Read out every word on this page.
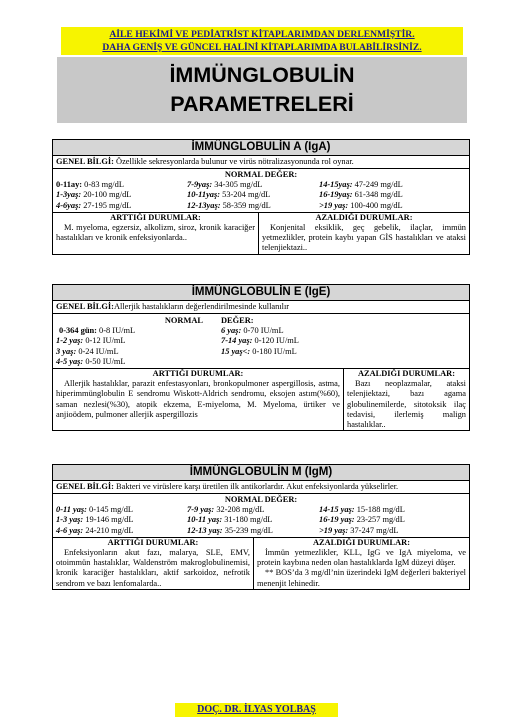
AİLE HEKİMİ VE PEDİATRİST KİTAPLARIMDAN DERLENMİŞTİR.
DAHA GENİŞ VE GÜNCEL HALİNİ KİTAPLARIMDA BULABİLİRSİNİZ.
İMMÜNGLOBULİN
PARAMETRELERİ
İMMÜNGLOBULİN A (IgA)
GENEL BİLGİ: Özellikle sekresyonlarda bulunur ve virüs nötralizasyonunda rol oynar.
NORMAL DEĞER:
0-11ay: 0-83 mg/dL	7-9yaş: 34-305 mg/dL	14-15yaş: 47-249 mg/dL
1-3yaş: 20-100 mg/dL	10-11yaş: 53-204 mg/dL	16-19yaş: 61-348 mg/dL
4-6yaş: 27-195 mg/dL	12-13yaş: 58-359 mg/dL	>19 yaş: 100-400 mg/dL
ARTTIĞI DURUMLAR:
M. myeloma, egzersiz, alkolizm, siroz, kronik karaciğer hastalıkları ve kronik enfeksiyonlarda..
AZALDIĞI DURUMLAR:
Konjenital eksiklik, geç gebelik, ilaçlar, immün yetmezlikler, protein kaybı yapan GİS hastalıkları ve ataksi telenjiektazi..
İMMÜNGLOBULİN E (IgE)
GENEL BİLGİ:Allerjik hastalıkların değerlendirilmesinde kullanılır
NORMAL
0-364 gün: 0-8 IU/mL
1-2 yaş: 0-12 IU/mL
3 yaş: 0-24 IU/mL
4-5 yaş: 0-50 IU/mL
DEĞER:
6 yaş: 0-70 IU/mL
7-14 yaş: 0-120 IU/mL
15 yaş<: 0-180 IU/mL
ARTTIĞI DURUMLAR:
Allerjik hastalıklar, parazit enfestasyonları, bronkopulmoner aspergillosis, astma, hiperimmünglobulin E sendromu Wiskott-Aldrich sendromu, eksojen astım(%60), saman nezlesi(%30), atopik ekzema, E-miyeloma, M. Myeloma, ürtiker ve anjioödem, pulmoner allerjik aspergillozis
AZALDIĞI DURUMLAR:
Bazı neoplazmalar, ataksi telenjiektazi, bazı agama globulinemilerde, sitotoksik ilaç tedavisi, ilerlemiş malign hastalıklar..
İMMÜNGLOBULİN M (IgM)
GENEL BİLGİ: Bakteri ve virüslere karşı üretilen ilk antikorlardır. Akut enfeksiyonlarda yükselirler.
NORMAL DEĞER:
0-11 yaş: 0-145 mg/dL	7-9 yaş: 32-208 mg/dL	14-15 yaş: 15-188 mg/dL
1-3 yaş: 19-146 mg/dL	10-11 yaş: 31-180 mg/dL	16-19 yaş: 23-257 mg/dL
4-6 yaş: 24-210 mg/dL	12-13 yaş: 35-239 mg/dL	>19 yaş: 37-247 mg/dL
ARTTIĞI DURUMLAR:
Enfeksiyonların akut fazı, malarya, SLE, EMV, otoimmün hastalıklar, Waldenström makroglobulinemisi, kronik karaciğer hastalıkları, aktif sarkoidoz, nefrotik sendrom ve bazı lenfomalarda..
AZALDIĞI DURUMLAR:
İmmün yetmezlikler, KLL, IgG ve IgA miyeloma, ve protein kaybına neden olan hastalıklarda IgM düzeyi düşer.
** BOS’da 3 mg/dl’nin üzerindeki IgM değerleri bakteriyel menenjit lehinedir.
DOÇ. DR. İLYAS YOLBAŞ
